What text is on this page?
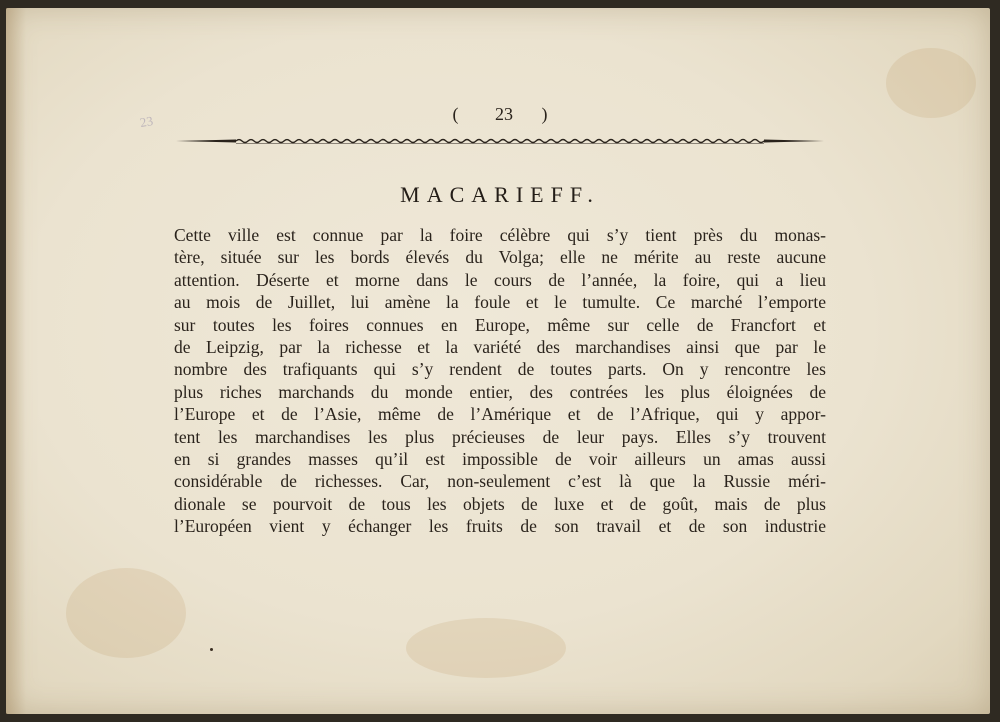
23	( 23 )
MACARIEFF.
Cette ville est connue par la foire célèbre qui s’y tient près du monas-
tère, située sur les bords élevés du Volga; elle ne mérite au reste aucune
attention. Déserte et morne dans le cours de l’année, la foire, qui a lieu
au mois de Juillet, lui amène la foule et le tumulte. Ce marché l’emporte
sur toutes les foires connues en Europe, même sur celle de Francfort et
de Leipzig, par la richesse et la variété des marchandises ainsi que par le
nombre des trafiquants qui s’y rendent de toutes parts. On y rencontre les
plus riches marchands du monde entier, des contrées les plus éloignées de
l’Europe et de l’Asie, même de l’Amérique et de l’Afrique, qui y appor-
tent les marchandises les plus précieuses de leur pays. Elles s’y trouvent
en si grandes masses qu’il est impossible de voir ailleurs un amas aussi
considérable de richesses. Car, non-seulement c’est là que la Russie méri-
dionale se pourvoit de tous les objets de luxe et de goût, mais de plus
l’Européen vient y échanger les fruits de son travail et de son industrie
